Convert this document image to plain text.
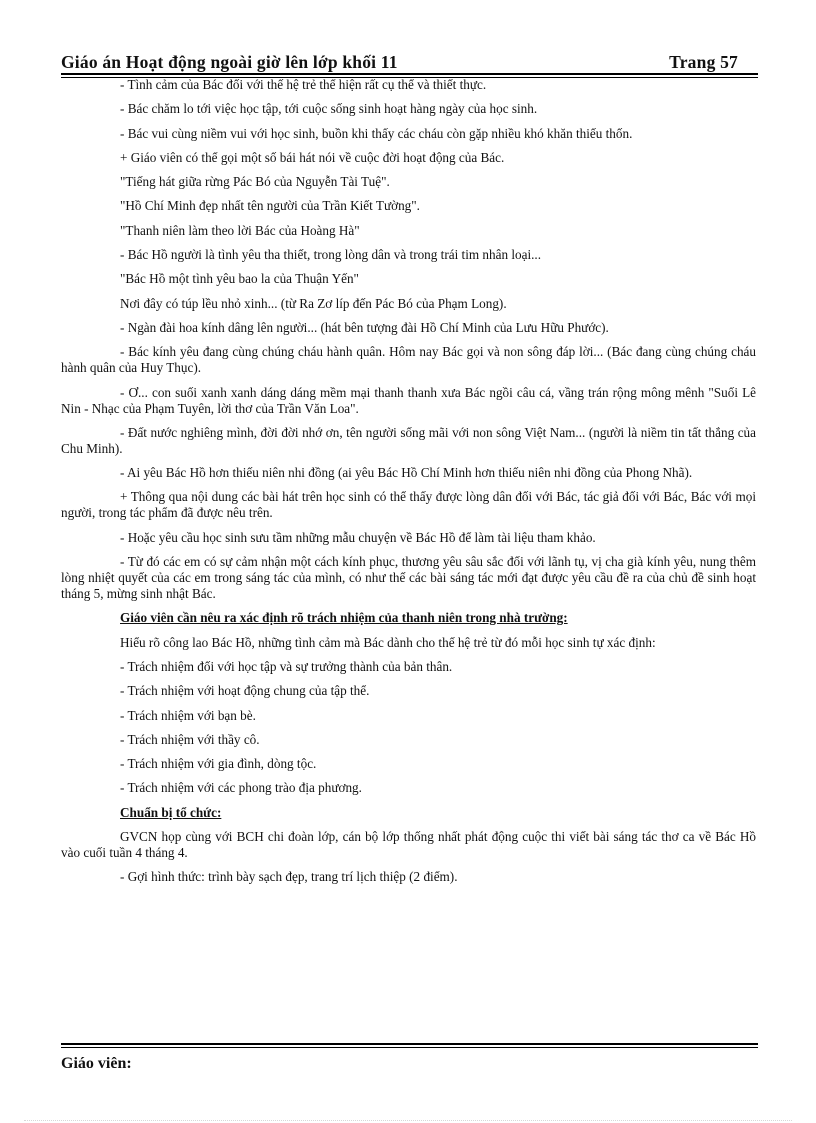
Giáo án Hoạt động ngoài giờ lên lớp khối 11	Trang 57

- Tình cảm của Bác đối với thế hệ trẻ thể hiện rất cụ thể và thiết thực.

- Bác chăm lo tới việc học tập, tới cuộc sống sinh hoạt hàng ngày của học sinh.

- Bác vui cùng niềm vui với học sinh, buồn khi thấy các cháu còn gặp nhiều khó khăn thiếu thốn.

+ Giáo viên có thể gọi một số bái hát nói về cuộc đời hoạt động của Bác.

"Tiếng hát giữa rừng Pác Bó của Nguyễn Tài Tuệ".

"Hồ Chí Minh đẹp nhất tên người của Trần Kiết Tường".

"Thanh niên làm theo lời Bác của Hoàng Hà"

- Bác Hồ người là tình yêu tha thiết, trong lòng dân và trong trái tim nhân loại...

"Bác Hồ một tình yêu bao la của Thuận Yến"

Nơi đây có túp lều nhỏ xinh... (từ Ra Zơ líp đến Pác Bó của Phạm Long).

- Ngàn đài hoa kính dâng lên người... (hát bên tượng đài Hồ Chí Minh của Lưu Hữu Phước).

- Bác kính yêu đang cùng chúng cháu hành quân. Hôm nay Bác gọi và non sông đáp lời... (Bác đang cùng chúng cháu hành quân của Huy Thục).

- Ơ... con suối xanh xanh dáng dáng mềm mại thanh thanh xưa Bác ngồi câu cá, vầng trán rộng mông mênh "Suối Lê Nin - Nhạc của Phạm Tuyên, lời thơ của Trần Văn Loa".

- Đất nước nghiêng mình, đời đời nhớ ơn, tên người sống mãi với non sông Việt Nam... (người là niềm tin tất thắng của Chu Minh).

- Ai yêu Bác Hồ hơn thiếu niên nhi đồng (ai yêu Bác Hồ Chí Minh hơn thiếu niên nhi đồng của Phong Nhã).

+ Thông qua nội dung các bài hát trên học sinh có thể thấy được lòng dân đối với Bác, tác giả đối với Bác, Bác với mọi người, trong tác phẩm đã được nêu trên.

- Hoặc yêu cầu học sinh sưu tầm những mẫu chuyện về Bác Hồ để làm tài liệu tham khảo.

- Từ đó các em có sự cảm nhận một cách kính phục, thương yêu sâu sắc đối với lãnh tụ, vị cha già kính yêu, nung thêm lòng nhiệt quyết của các em trong sáng tác của mình, có như thế các bài sáng tác mới đạt được yêu cầu đề ra của chủ đề sinh hoạt tháng 5, mừng sinh nhật Bác.

Giáo viên cần nêu ra xác định rõ trách nhiệm của thanh niên trong nhà trường:

Hiểu rõ công lao Bác Hồ, những tình cảm mà Bác dành cho thế hệ trẻ từ đó mỗi học sinh tự xác định:

- Trách nhiệm đối với học tập và sự trưởng thành của bản thân.

- Trách nhiệm với hoạt động chung của tập thể.

- Trách nhiệm với bạn bè.

- Trách nhiệm với thầy cô.

- Trách nhiệm với gia đình, dòng tộc.

- Trách nhiệm với các phong trào địa phương.

Chuẩn bị tổ chức:

GVCN họp cùng với BCH chi đoàn lớp, cán bộ lớp thống nhất phát động cuộc thi viết bài sáng tác thơ ca về Bác Hồ vào cuối tuần 4 tháng 4.

- Gợi hình thức: trình bày sạch đẹp, trang trí lịch thiệp (2 điểm).

Giáo viên:
